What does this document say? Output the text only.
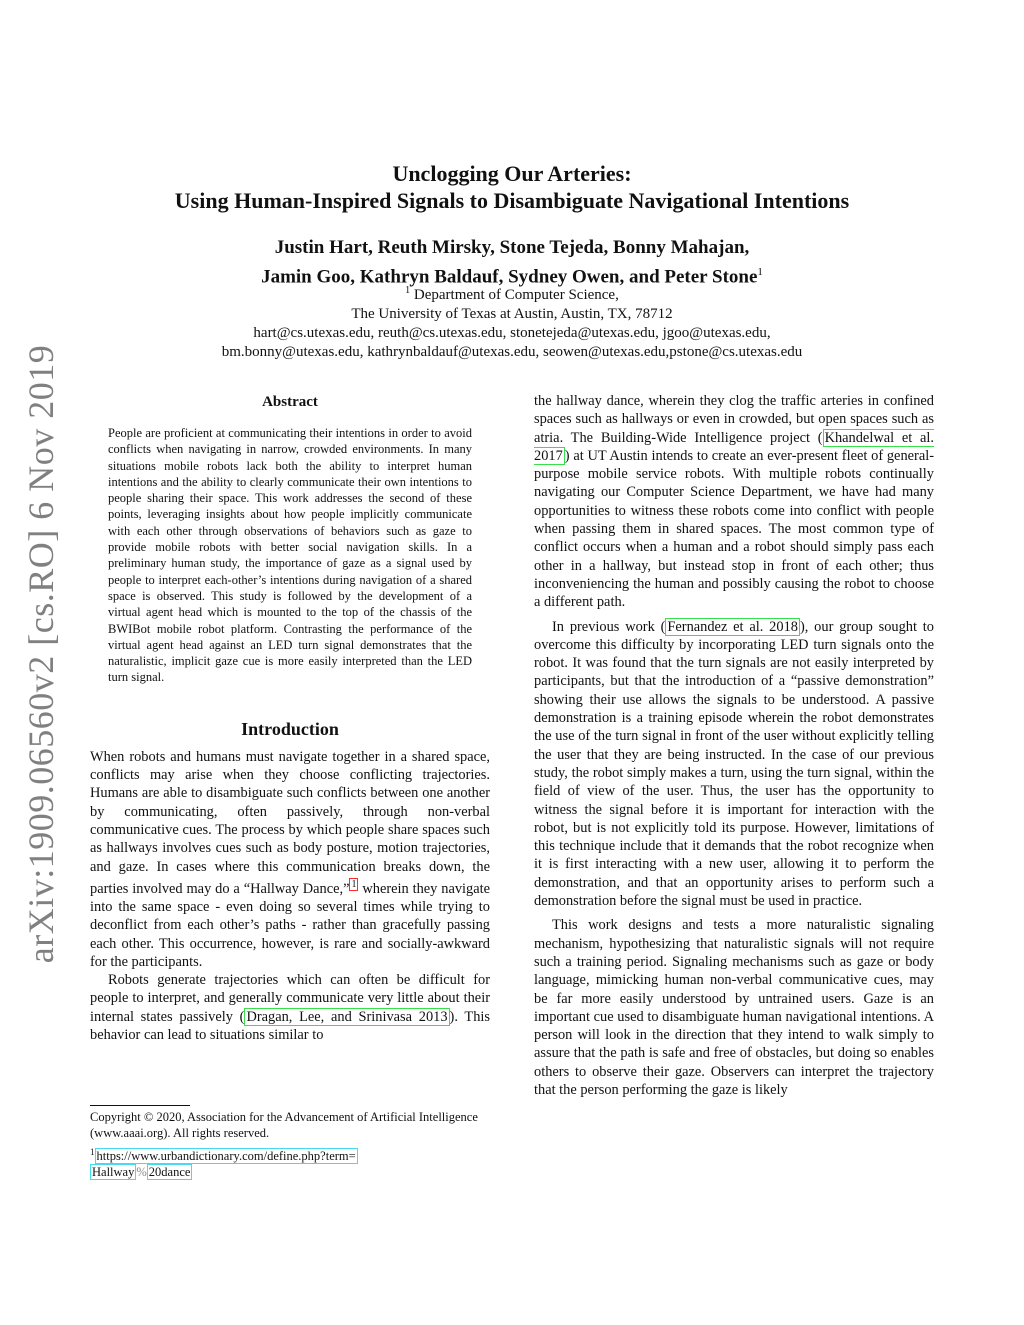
arXiv:1909.06560v2 [cs.RO] 6 Nov 2019
Unclogging Our Arteries:
Using Human-Inspired Signals to Disambiguate Navigational Intentions
Justin Hart, Reuth Mirsky, Stone Tejeda, Bonny Mahajan,
Jamin Goo, Kathryn Baldauf, Sydney Owen, and Peter Stone$^1$
$^1$ Department of Computer Science,
The University of Texas at Austin, Austin, TX, 78712
hart@cs.utexas.edu, reuth@cs.utexas.edu, stonetejeda@utexas.edu, jgoo@utexas.edu,
bm.bonny@utexas.edu, kathrynbaldauf@utexas.edu, seowen@utexas.edu,pstone@cs.utexas.edu
Abstract

People are proficient at communicating their intentions in order to avoid conflicts when navigating in narrow, crowded environments. In many situations mobile robots lack both the ability to interpret human intentions and the ability to clearly communicate their own intentions to people sharing their space. This work addresses the second of these points, leveraging insights about how people implicitly communicate with each other through observations of behaviors such as gaze to provide mobile robots with better social navigation skills. In a preliminary human study, the importance of gaze as a signal used by people to interpret each-other’s intentions during navigation of a shared space is observed. This study is followed by the development of a virtual agent head which is mounted to the top of the chassis of the BWIBot mobile robot platform. Contrasting the performance of the virtual agent head against an LED turn signal demonstrates that the naturalistic, implicit gaze cue is more easily interpreted than the LED turn signal.

Introduction

When robots and humans must navigate together in a shared space, conflicts may arise when they choose conflicting trajectories. Humans are able to disambiguate such conflicts between one another by communicating, often passively, through non-verbal communicative cues. The process by which people share spaces such as hallways involves cues such as body posture, motion trajectories, and gaze. In cases where this communication breaks down, the parties involved may do a “Hallway Dance,” $^1$ wherein they navigate into the same space - even doing so several times while trying to deconflict from each other’s paths - rather than gracefully passing each other. This occurrence, however, is rare and socially-awkward for the participants.

Robots generate trajectories which can often be difficult for people to interpret, and generally communicate very little about their internal states passively ( Dragan, Lee, and Srinivasa 2013 ). This behavior can lead to situations similar to

Copyright © 2020, Association for the Advancement of Artificial Intelligence (www.aaai.org). All rights reserved.
$^1$ https://www.urbandictionary.com/define.php?term=
Hallway % 20dance

the hallway dance, wherein they clog the traffic arteries in confined spaces such as hallways or even in crowded, but open spaces such as atria. The Building-Wide Intelligence project ( Khandelwal et al. 2017 ) at UT Austin intends to create an ever-present fleet of general-purpose mobile service robots. With multiple robots continually navigating our Computer Science Department, we have had many opportunities to witness these robots come into conflict with people when passing them in shared spaces. The most common type of conflict occurs when a human and a robot should simply pass each other in a hallway, but instead stop in front of each other; thus inconveniencing the human and possibly causing the robot to choose a different path.

In previous work ( Fernandez et al. 2018 ), our group sought to overcome this difficulty by incorporating LED turn signals onto the robot. It was found that the turn signals are not easily interpreted by participants, but that the introduction of a “passive demonstration” showing their use allows the signals to be understood. A passive demonstration is a training episode wherein the robot demonstrates the use of the turn signal in front of the user without explicitly telling the user that they are being instructed. In the case of our previous study, the robot simply makes a turn, using the turn signal, within the field of view of the user. Thus, the user has the opportunity to witness the signal before it is important for interaction with the robot, but is not explicitly told its purpose. However, limitations of this technique include that it demands that the robot recognize when it is first interacting with a new user, allowing it to perform the demonstration, and that an opportunity arises to perform such a demonstration before the signal must be used in practice.

This work designs and tests a more naturalistic signaling mechanism, hypothesizing that naturalistic signals will not require such a training period. Signaling mechanisms such as gaze or body language, mimicking human non-verbal communicative cues, may be far more easily understood by untrained users. Gaze is an important cue used to disambiguate human navigational intentions. A person will look in the direction that they intend to walk simply to assure that the path is safe and free of obstacles, but doing so enables others to observe their gaze. Observers can interpret the trajectory that the person performing the gaze is likely
